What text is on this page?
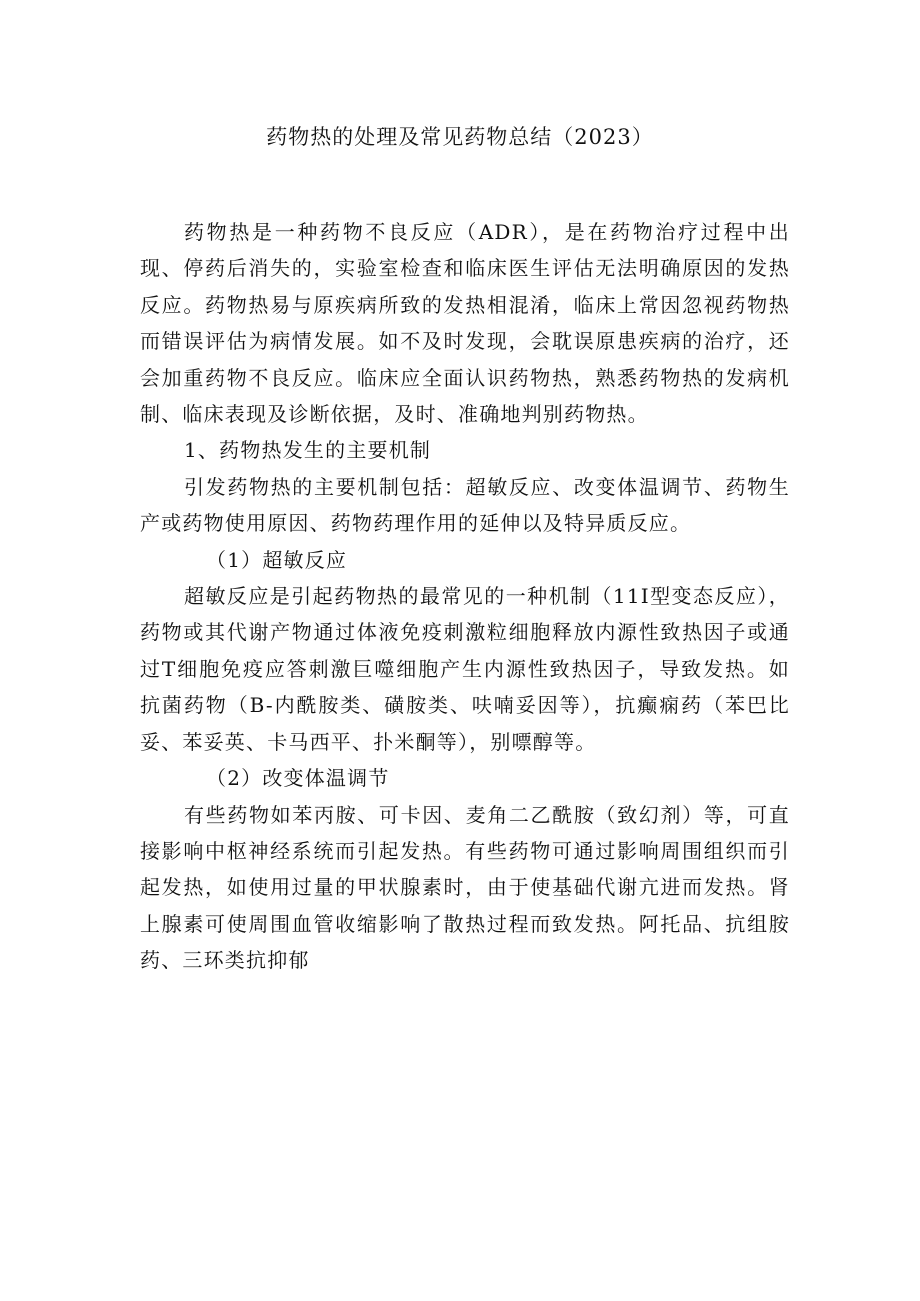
药物热的处理及常见药物总结（2023）

药物热是一种药物不良反应（ADR），是在药物治疗过程中出现、停药后消失的，实验室检查和临床医生评估无法明确原因的发热反应。药物热易与原疾病所致的发热相混淆，临床上常因忽视药物热而错误评估为病情发展。如不及时发现，会耽误原患疾病的治疗，还会加重药物不良反应。临床应全面认识药物热，熟悉药物热的发病机制、临床表现及诊断依据，及时、准确地判别药物热。

1、药物热发生的主要机制

引发药物热的主要机制包括：超敏反应、改变体温调节、药物生产或药物使用原因、药物药理作用的延伸以及特异质反应。

（1）超敏反应

超敏反应是引起药物热的最常见的一种机制（11I型变态反应），药物或其代谢产物通过体液免疫刺激粒细胞释放内源性致热因子或通过T细胞免疫应答刺激巨噬细胞产生内源性致热因子，导致发热。如抗菌药物（B-内酰胺类、磺胺类、呋喃妥因等），抗癫痫药（苯巴比妥、苯妥英、卡马西平、扑米酮等），别嘌醇等。

（2）改变体温调节

有些药物如苯丙胺、可卡因、麦角二乙酰胺（致幻剂）等，可直接影响中枢神经系统而引起发热。有些药物可通过影响周围组织而引起发热，如使用过量的甲状腺素时，由于使基础代谢亢进而发热。肾上腺素可使周围血管收缩影响了散热过程而致发热。阿托品、抗组胺药、三环类抗抑郁
